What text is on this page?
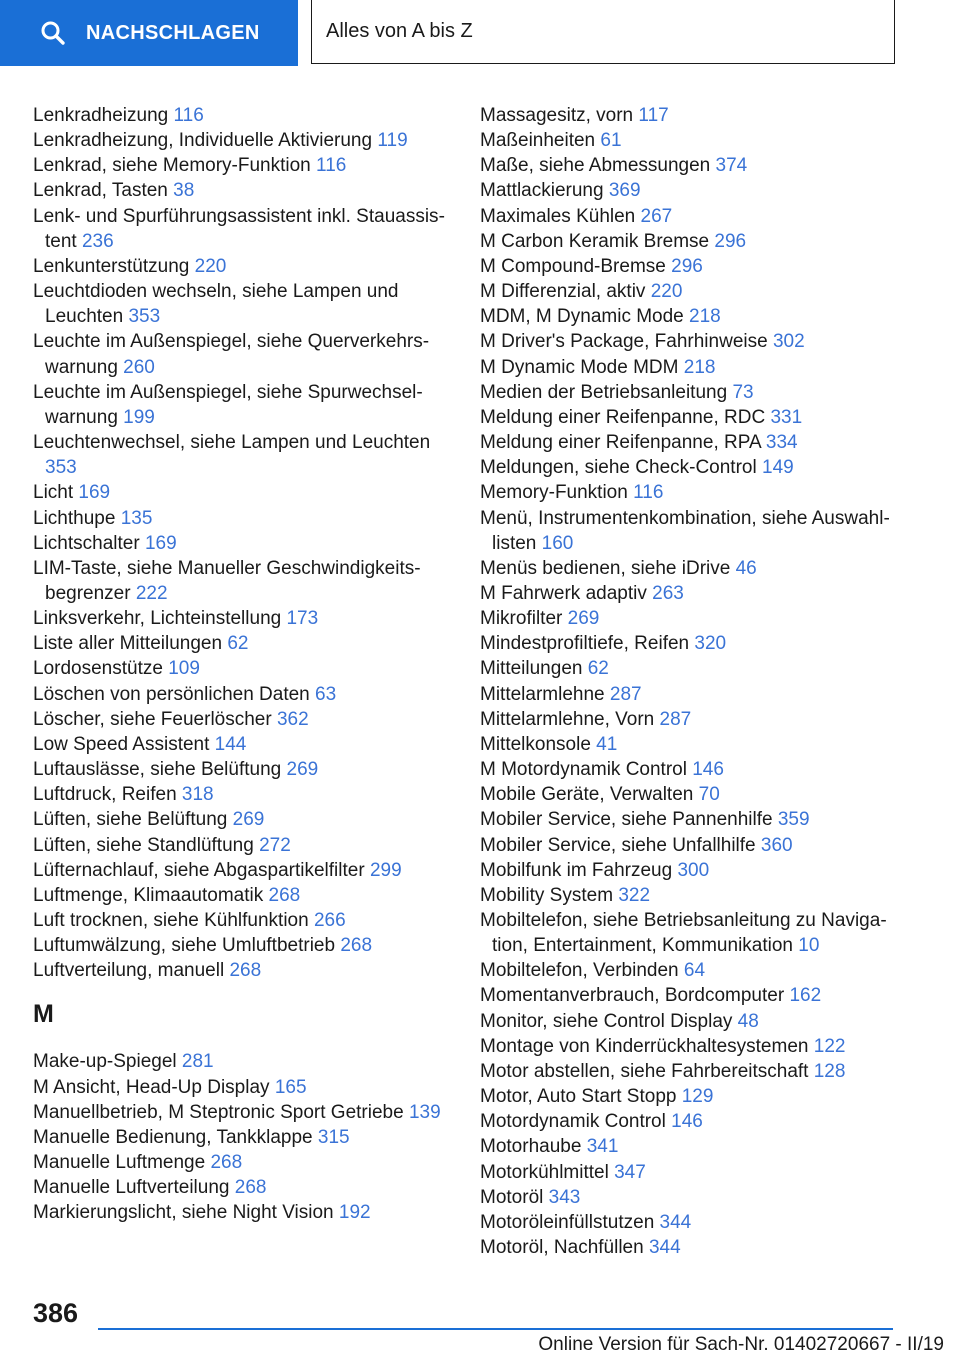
NACHSCHLAGEN	Alles von A bis Z
Lenkradheizung 116
Lenkradheizung, Individuelle Aktivierung 119
Lenkrad, siehe Memory-Funktion 116
Lenkrad, Tasten 38
Lenk- und Spurführungsassistent inkl. Stauassistent 236
Lenkunterstützung 220
Leuchtdioden wechseln, siehe Lampen und Leuchten 353
Leuchte im Außenspiegel, siehe Querverkehrswarnung 260
Leuchte im Außenspiegel, siehe Spurwechselwarnung 199
Leuchtenwechsel, siehe Lampen und Leuchten 353
Licht 169
Lichthupe 135
Lichtschalter 169
LIM-Taste, siehe Manueller Geschwindigkeitsbegrenzer 222
Linksverkehr, Lichteinstellung 173
Liste aller Mitteilungen 62
Lordosenstütze 109
Löschen von persönlichen Daten 63
Löscher, siehe Feuerlöscher 362
Low Speed Assistent 144
Luftauslässe, siehe Belüftung 269
Luftdruck, Reifen 318
Lüften, siehe Belüftung 269
Lüften, siehe Standlüftung 272
Lüfternachlauf, siehe Abgaspartikelfilter 299
Luftmenge, Klimaautomatik 268
Luft trocknen, siehe Kühlfunktion 266
Luftumwälzung, siehe Umluftbetrieb 268
Luftverteilung, manuell 268
M
Make-up-Spiegel 281
M Ansicht, Head-Up Display 165
Manuellbetrieb, M Steptronic Sport Getriebe 139
Manuelle Bedienung, Tankklappe 315
Manuelle Luftmenge 268
Manuelle Luftverteilung 268
Markierungslicht, siehe Night Vision 192
Massagesitz, vorn 117
Maßeinheiten 61
Maße, siehe Abmessungen 374
Mattlackierung 369
Maximales Kühlen 267
M Carbon Keramik Bremse 296
M Compound-Bremse 296
M Differenzial, aktiv 220
MDM, M Dynamic Mode 218
M Driver's Package, Fahrhinweise 302
M Dynamic Mode MDM 218
Medien der Betriebsanleitung 73
Meldung einer Reifenpanne, RDC 331
Meldung einer Reifenpanne, RPA 334
Meldungen, siehe Check-Control 149
Memory-Funktion 116
Menü, Instrumentenkombination, siehe Auswahllisten 160
Menüs bedienen, siehe iDrive 46
M Fahrwerk adaptiv 263
Mikrofilter 269
Mindestprofiltiefe, Reifen 320
Mitteilungen 62
Mittelarmlehne 287
Mittelarmlehne, Vorn 287
Mittelkonsole 41
M Motordynamik Control 146
Mobile Geräte, Verwalten 70
Mobiler Service, siehe Pannenhilfe 359
Mobiler Service, siehe Unfallhilfe 360
Mobilfunk im Fahrzeug 300
Mobility System 322
Mobiltelefon, siehe Betriebsanleitung zu Navigation, Entertainment, Kommunikation 10
Mobiltelefon, Verbinden 64
Momentanverbrauch, Bordcomputer 162
Monitor, siehe Control Display 48
Montage von Kinderrückhaltesystemen 122
Motor abstellen, siehe Fahrbereitschaft 128
Motor, Auto Start Stopp 129
Motordynamik Control 146
Motorhaube 341
Motorkühlmittel 347
Motoröl 343
Motoröleinfüllstutzen 344
Motoröl, Nachfüllen 344
386
Online Version für Sach-Nr. 01402720667 - II/19
